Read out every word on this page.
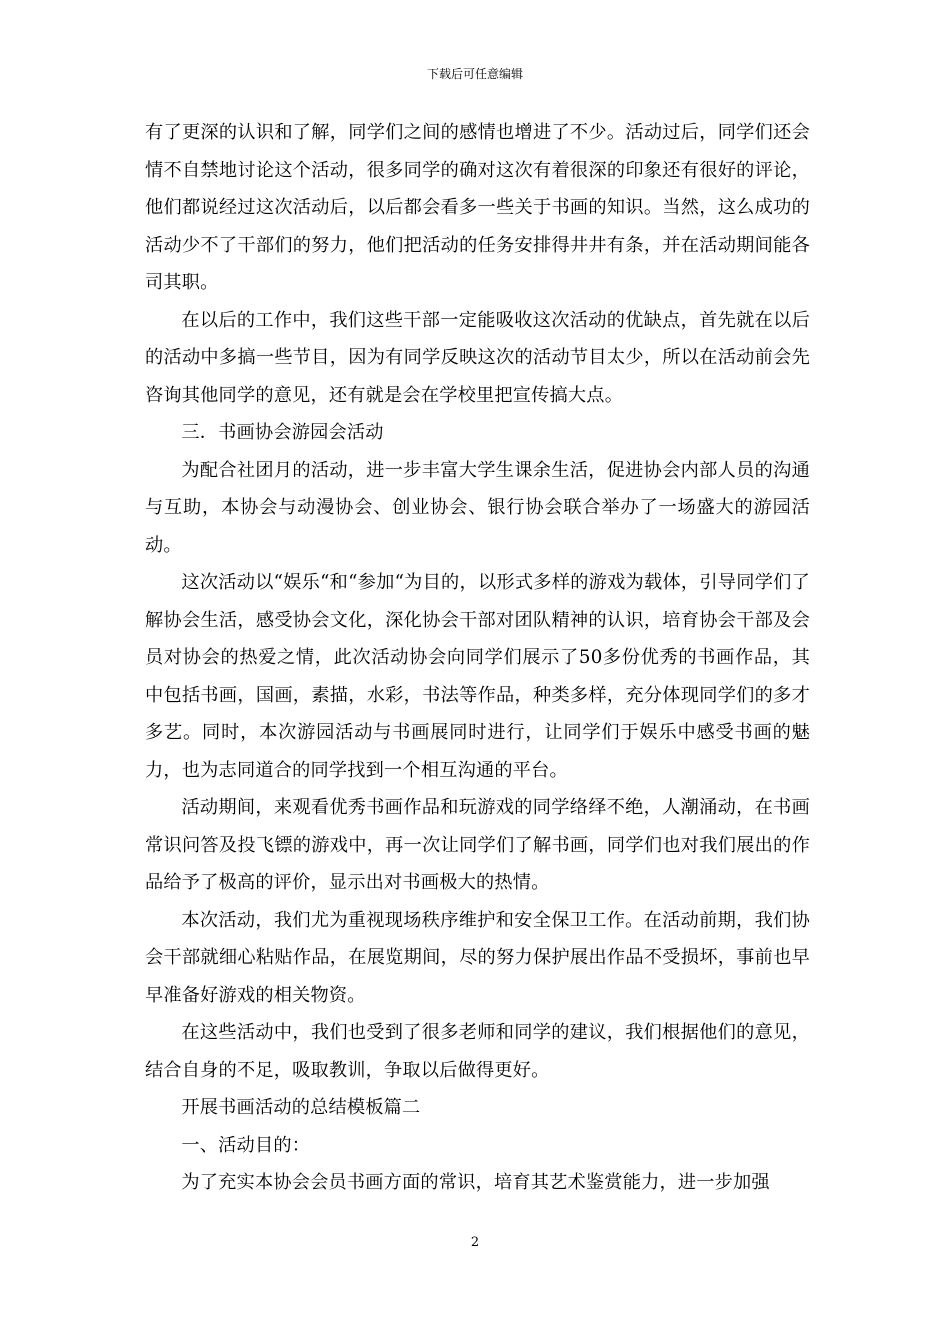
下载后可任意编辑

有了更深的认识和了解，同学们之间的感情也增进了不少。活动过后，同学们还会情不自禁地讨论这个活动，很多同学的确对这次有着很深的印象还有很好的评论，他们都说经过这次活动后，以后都会看多一些关于书画的知识。当然，这么成功的活动少不了干部们的努力，他们把活动的任务安排得井井有条，并在活动期间能各司其职。

在以后的工作中，我们这些干部一定能吸收这次活动的优缺点，首先就在以后的活动中多搞一些节目，因为有同学反映这次的活动节目太少，所以在活动前会先咨询其他同学的意见，还有就是会在学校里把宣传搞大点。

三．书画协会游园会活动

为配合社团月的活动，进一步丰富大学生课余生活，促进协会内部人员的沟通与互助，本协会与动漫协会、创业协会、银行协会联合举办了一场盛大的游园活动。

这次活动以“娱乐“和“参加“为目的，以形式多样的游戏为载体，引导同学们了解协会生活，感受协会文化，深化协会干部对团队精神的认识，培育协会干部及会员对协会的热爱之情，此次活动协会向同学们展示了50多份优秀的书画作品，其中包括书画，国画，素描，水彩，书法等作品，种类多样，充分体现同学们的多才多艺。同时，本次游园活动与书画展同时进行，让同学们于娱乐中感受书画的魅力，也为志同道合的同学找到一个相互沟通的平台。

活动期间，来观看优秀书画作品和玩游戏的同学络绎不绝，人潮涌动，在书画常识问答及投飞镖的游戏中，再一次让同学们了解书画，同学们也对我们展出的作品给予了极高的评价，显示出对书画极大的热情。

本次活动，我们尤为重视现场秩序维护和安全保卫工作。在活动前期，我们协会干部就细心粘贴作品，在展览期间，尽的努力保护展出作品不受损坏，事前也早早准备好游戏的相关物资。

在这些活动中，我们也受到了很多老师和同学的建议，我们根据他们的意见，结合自身的不足，吸取教训，争取以后做得更好。

开展书画活动的总结模板篇二

一、活动目的：

为了充实本协会会员书画方面的常识，培育其艺术鉴赏能力，进一步加强

2
